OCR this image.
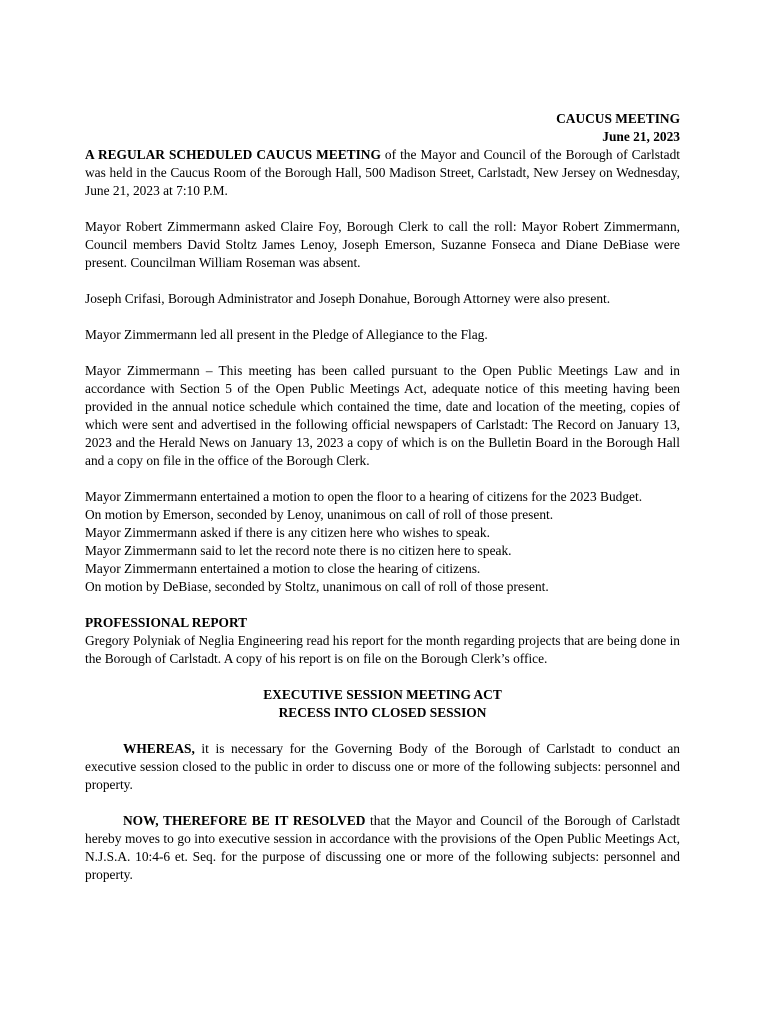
CAUCUS MEETING
June 21, 2023

A REGULAR SCHEDULED CAUCUS MEETING of the Mayor and Council of the Borough of Carlstadt was held in the Caucus Room of the Borough Hall, 500 Madison Street, Carlstadt, New Jersey on Wednesday, June 21, 2023 at 7:10 P.M.

Mayor Robert Zimmermann asked Claire Foy, Borough Clerk to call the roll: Mayor Robert Zimmermann, Council members David Stoltz James Lenoy, Joseph Emerson, Suzanne Fonseca and Diane DeBiase were present. Councilman William Roseman was absent.

Joseph Crifasi, Borough Administrator and Joseph Donahue, Borough Attorney were also present.

Mayor Zimmermann led all present in the Pledge of Allegiance to the Flag.

Mayor Zimmermann – This meeting has been called pursuant to the Open Public Meetings Law and in accordance with Section 5 of the Open Public Meetings Act, adequate notice of this meeting having been provided in the annual notice schedule which contained the time, date and location of the meeting, copies of which were sent and advertised in the following official newspapers of Carlstadt: The Record on January 13, 2023 and the Herald News on January 13, 2023 a copy of which is on the Bulletin Board in the Borough Hall and a copy on file in the office of the Borough Clerk.

Mayor Zimmermann entertained a motion to open the floor to a hearing of citizens for the 2023 Budget.
On motion by Emerson, seconded by Lenoy, unanimous on call of roll of those present.
Mayor Zimmermann asked if there is any citizen here who wishes to speak.
Mayor Zimmermann said to let the record note there is no citizen here to speak.
Mayor Zimmermann entertained a motion to close the hearing of citizens.
On motion by DeBiase, seconded by Stoltz, unanimous on call of roll of those present.
PROFESSIONAL REPORT

Gregory Polyniak of Neglia Engineering read his report for the month regarding projects that are being done in the Borough of Carlstadt. A copy of his report is on file on the Borough Clerk’s office.

EXECUTIVE SESSION MEETING ACT
RECESS INTO CLOSED SESSION

WHEREAS, it is necessary for the Governing Body of the Borough of Carlstadt to conduct an executive session closed to the public in order to discuss one or more of the following subjects: personnel and property.

NOW, THEREFORE BE IT RESOLVED that the Mayor and Council of the Borough of Carlstadt hereby moves to go into executive session in accordance with the provisions of the Open Public Meetings Act, N.J.S.A. 10:4-6 et. Seq. for the purpose of discussing one or more of the following subjects: personnel and property.
